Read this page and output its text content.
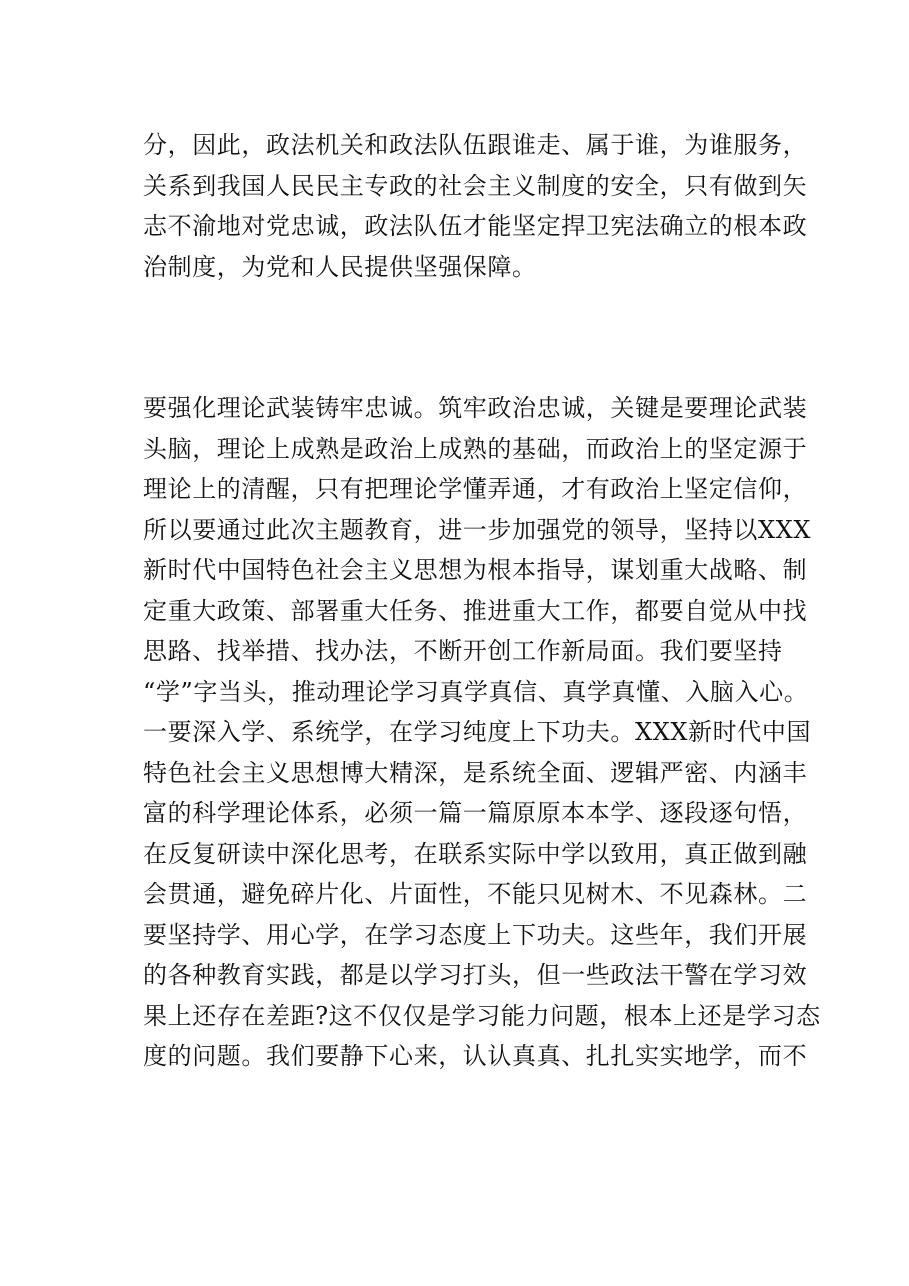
分，因此，政法机关和政法队伍跟谁走、属于谁，为谁服务，
关系到我国人民民主专政的社会主义制度的安全，只有做到矢
志不渝地对党忠诚，政法队伍才能坚定捍卫宪法确立的根本政
治制度，为党和人民提供坚强保障。
要强化理论武装铸牢忠诚。筑牢政治忠诚，关键是要理论武装
头脑，理论上成熟是政治上成熟的基础，而政治上的坚定源于
理论上的清醒，只有把理论学懂弄通，才有政治上坚定信仰，
所以要通过此次主题教育，进一步加强党的领导，坚持以XXX
新时代中国特色社会主义思想为根本指导，谋划重大战略、制
定重大政策、部署重大任务、推进重大工作，都要自觉从中找
思路、找举措、找办法，不断开创工作新局面。我们要坚持
“学”字当头，推动理论学习真学真信、真学真懂、入脑入心。
一要深入学、系统学，在学习纯度上下功夫。XXX新时代中国
特色社会主义思想博大精深，是系统全面、逻辑严密、内涵丰
富的科学理论体系，必须一篇一篇原原本本学、逐段逐句悟，
在反复研读中深化思考，在联系实际中学以致用，真正做到融
会贯通，避免碎片化、片面性，不能只见树木、不见森林。二
要坚持学、用心学，在学习态度上下功夫。这些年，我们开展
的各种教育实践，都是以学习打头，但一些政法干警在学习效
果上还存在差距?这不仅仅是学习能力问题，根本上还是学习态
度的问题。我们要静下心来，认认真真、扎扎实实地学，而不
